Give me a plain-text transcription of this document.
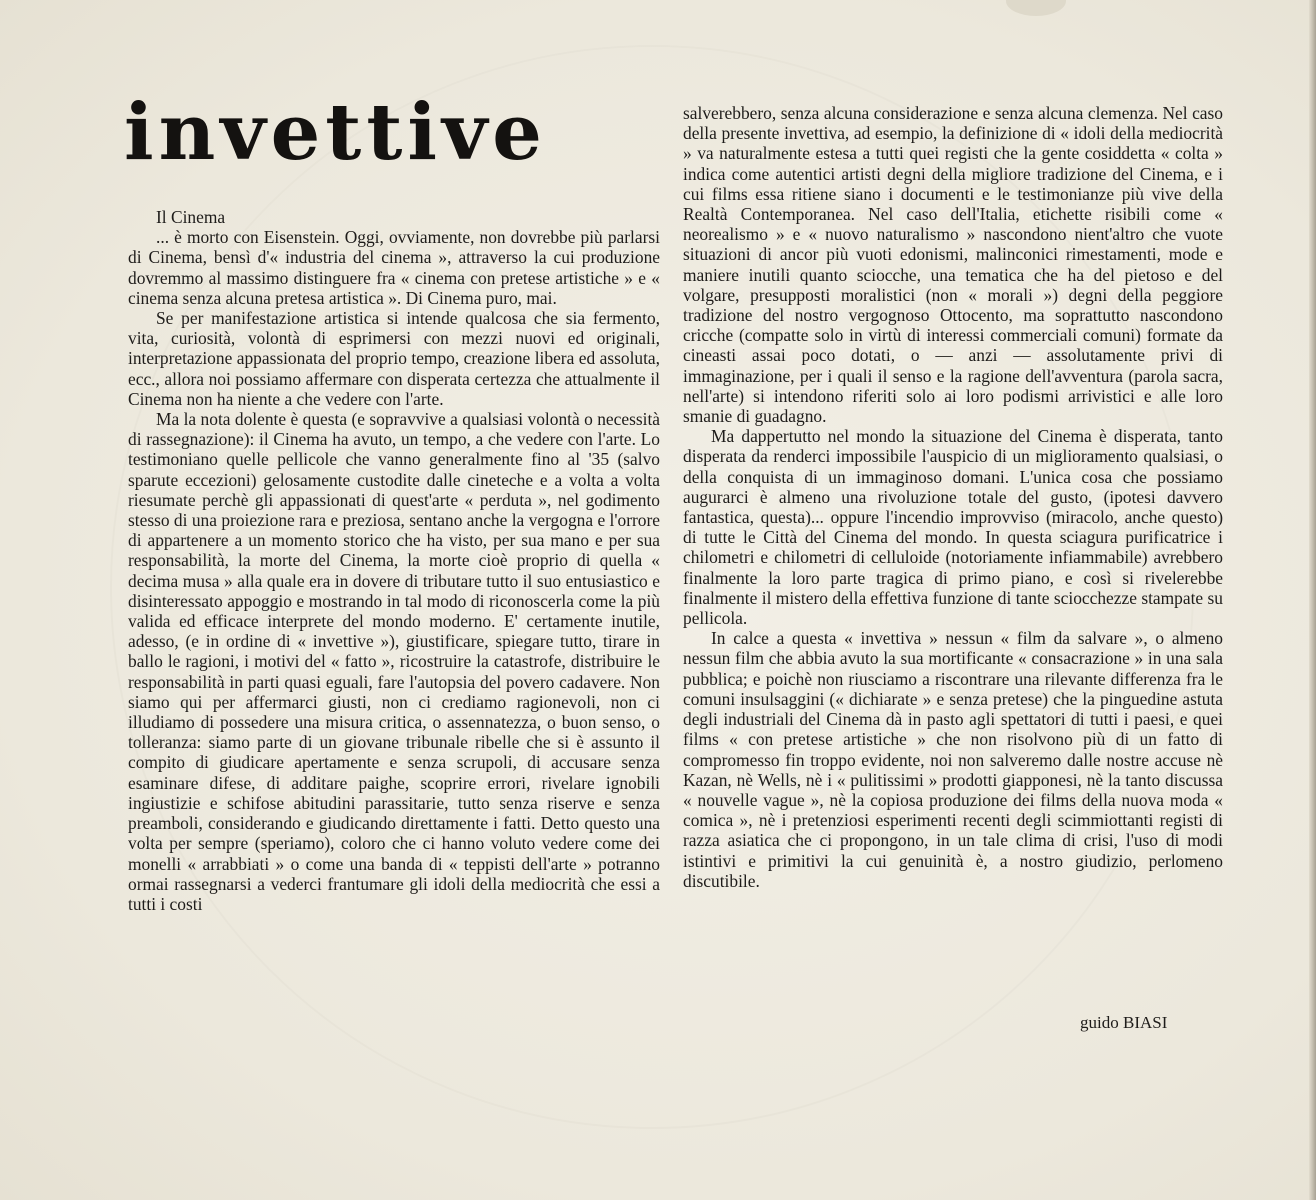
invettive
Il Cinema

... è morto con Eisenstein. Oggi, ovviamente, non dovrebbe più parlarsi di Cinema, bensì d'« industria del cinema », attraverso la cui produzione dovremmo al massimo distinguere fra « cinema con pretese artistiche » e « cinema senza alcuna pretesa artistica ». Di Cinema puro, mai.

Se per manifestazione artistica si intende qualcosa che sia fermento, vita, curiosità, volontà di esprimersi con mezzi nuovi ed originali, interpretazione appassionata del proprio tempo, creazione libera ed assoluta, ecc., allora noi possiamo affermare con disperata certezza che attualmente il Cinema non ha niente a che vedere con l'arte.

Ma la nota dolente è questa (e sopravvive a qualsiasi volontà o necessità di rassegnazione): il Cinema ha avuto, un tempo, a che vedere con l'arte. Lo testimoniano quelle pellicole che vanno generalmente fino al '35 (salvo sparute eccezioni) gelosamente custodite dalle cineteche e a volta a volta riesumate perchè gli appassionati di quest'arte « perduta », nel godimento stesso di una proiezione rara e preziosa, sentano anche la vergogna e l'orrore di appartenere a un momento storico che ha visto, per sua mano e per sua responsabilità, la morte del Cinema, la morte cioè proprio di quella « decima musa » alla quale era in dovere di tributare tutto il suo entusiastico e disinteressato appoggio e mostrando in tal modo di riconoscerla come la più valida ed efficace interprete del mondo moderno. E' certamente inutile, adesso, (e in ordine di « invettive »), giustificare, spiegare tutto, tirare in ballo le ragioni, i motivi del « fatto », ricostruire la catastrofe, distribuire le responsabilità in parti quasi eguali, fare l'autopsia del povero cadavere. Non siamo qui per affermarci giusti, non ci crediamo ragionevoli, non ci illudiamo di possedere una misura critica, o assennatezza, o buon senso, o tolleranza: siamo parte di un giovane tribunale ribelle che si è assunto il compito di giudicare apertamente e senza scrupoli, di accusare senza esaminare difese, di additare paighe, scoprire errori, rivelare ignobili ingiustizie e schifose abitudini parassitarie, tutto senza riserve e senza preamboli, considerando e giudicando direttamente i fatti. Detto questo una volta per sempre (speriamo), coloro che ci hanno voluto vedere come dei monelli « arrabbiati » o come una banda di « teppisti dell'arte » potranno ormai rassegnarsi a vederci frantumare gli idoli della mediocrità che essi a tutti i costi

salverebbero, senza alcuna considerazione e senza alcuna clemenza. Nel caso della presente invettiva, ad esempio, la definizione di « idoli della mediocrità » va naturalmente estesa a tutti quei registi che la gente cosiddetta « colta » indica come autentici artisti degni della migliore tradizione del Cinema, e i cui films essa ritiene siano i documenti e le testimonianze più vive della Realtà Contemporanea. Nel caso dell'Italia, etichette risibili come « neorealismo » e « nuovo naturalismo » nascondono nient'altro che vuote situazioni di ancor più vuoti edonismi, malinconici rimestamenti, mode e maniere inutili quanto sciocche, una tematica che ha del pietoso e del volgare, presupposti moralistici (non « morali ») degni della peggiore tradizione del nostro vergognoso Ottocento, ma soprattutto nascondono cricche (compatte solo in virtù di interessi commerciali comuni) formate da cineasti assai poco dotati, o — anzi — assolutamente privi di immaginazione, per i quali il senso e la ragione dell'avventura (parola sacra, nell'arte) si intendono riferiti solo ai loro podismi arrivistici e alle loro smanie di guadagno.

Ma dappertutto nel mondo la situazione del Cinema è disperata, tanto disperata da renderci impossibile l'auspicio di un miglioramento qualsiasi, o della conquista di un immaginoso domani. L'unica cosa che possiamo augurarci è almeno una rivoluzione totale del gusto, (ipotesi davvero fantastica, questa)... oppure l'incendio improvviso (miracolo, anche questo) di tutte le Città del Cinema del mondo. In questa sciagura purificatrice i chilometri e chilometri di celluloide (notoriamente infiammabile) avrebbero finalmente la loro parte tragica di primo piano, e così si rivelerebbe finalmente il mistero della effettiva funzione di tante sciocchezze stampate su pellicola.

In calce a questa « invettiva » nessun « film da salvare », o almeno nessun film che abbia avuto la sua mortificante « consacrazione » in una sala pubblica; e poichè non riusciamo a riscontrare una rilevante differenza fra le comuni insulsaggini (« dichiarate » e senza pretese) che la pinguedine astuta degli industriali del Cinema dà in pasto agli spettatori di tutti i paesi, e quei films « con pretese artistiche » che non risolvono più di un fatto di compromesso fin troppo evidente, noi non salveremo dalle nostre accuse nè Kazan, nè Wells, nè i « pulitissimi » prodotti giapponesi, nè la tanto discussa « nouvelle vague », nè la copiosa produzione dei films della nuova moda « comica », nè i pretenziosi esperimenti recenti degli scimmiottanti registi di razza asiatica che ci propongono, in un tale clima di crisi, l'uso di modi istintivi e primitivi la cui genuinità è, a nostro giudizio, perlomeno discutibile.

guido BIASI
